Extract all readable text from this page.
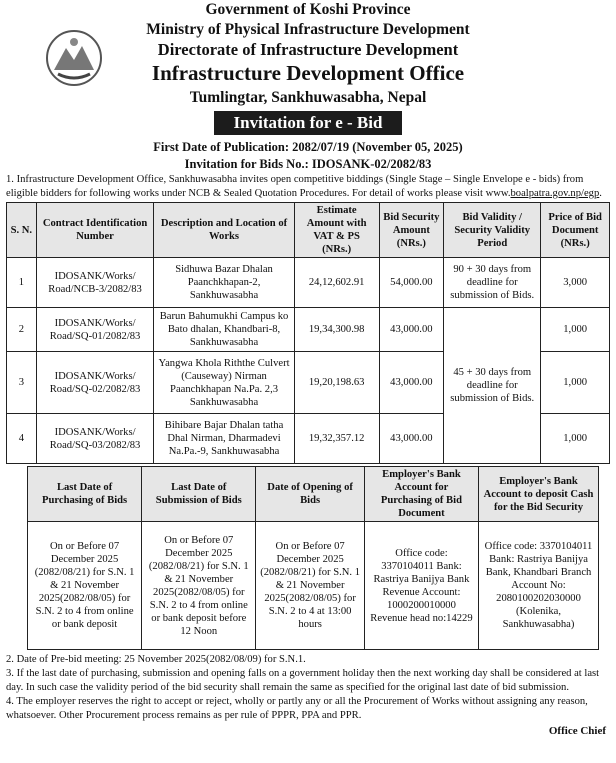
Government of Koshi Province
Ministry of Physical Infrastructure Development
Directorate of Infrastructure Development
Infrastructure Development Office
Tumlingtar, Sankhuwasabha, Nepal
Invitation for e - Bid
First Date of Publication: 2082/07/19 (November 05, 2025)
Invitation for Bids No.: IDOSANK-02/2082/83
1. Infrastructure Development Office, Sankhuwasabha invites open competitive biddings (Single Stage – Single Envelope e - bids) from eligible bidders for following works under NCB & Sealed Quotation Procedures. For detail of works please visit www.boalpatra.gov.np/egp.
S. N.	Contract Identification Number	Description and Location of Works	Estimate Amount with VAT & PS (NRs.)	Bid Security Amount (NRs.)	Bid Validity / Security Validity Period	Price of Bid Document (NRs.)
1	IDOSANK/Works/ Road/NCB-3/2082/83	Sidhuwa Bazar Dhalan Paanchkhapan-2, Sankhuwasabha	24,12,602.91	54,000.00	90 + 30 days from deadline for submission of Bids.	3,000
2	IDOSANK/Works/ Road/SQ-01/2082/83	Barun Bahumukhi Campus ko Bato dhalan, Khandbari-8, Sankhuwasabha	19,34,300.98	43,000.00	45 + 30 days from deadline for submission of Bids.	1,000
3	IDOSANK/Works/ Road/SQ-02/2082/83	Yangwa Khola Riththe Culvert (Causeway) Nirman Paanchkhapan Na.Pa. 2,3 Sankhuwasabha	19,20,198.63	43,000.00		1,000
4	IDOSANK/Works/ Road/SQ-03/2082/83	Bihibare Bajar Dhalan tatha Dhal Nirman, Dharmadevi Na.Pa.-9, Sankhuwasabha	19,32,357.12	43,000.00		1,000
Last Date of Purchasing of Bids	Last Date of Submission of Bids	Date of Opening of Bids	Employer's Bank Account for Purchasing of Bid Document	Employer's Bank Account to deposit Cash for the Bid Security
On or Before 07 December 2025 (2082/08/21) for S.N. 1 & 21 November 2025(2082/08/05) for S.N. 2 to 4 from online or bank deposit	On or Before 07 December 2025 (2082/08/21) for S.N. 1 & 21 November 2025(2082/08/05) for S.N. 2 to 4 from online or bank deposit before 12 Noon	On or Before 07 December 2025 (2082/08/21) for S.N. 1 & 21 November 2025(2082/08/05) for S.N. 2 to 4 at 13:00 hours	Office code: 3370104011 Bank: Rastriya Banijya Bank Revenue Account: 1000200010000 Revenue head no:14229	Office code: 3370104011 Bank: Rastriya Banijya Bank, Khandbari Branch Account No: 2080100202030000 (Kolenika, Sankhuwasabha)
2. Date of Pre-bid meeting: 25 November 2025(2082/08/09) for S.N.1.
3. If the last date of purchasing, submission and opening falls on a government holiday then the next working day shall be considered at last day. In such case the validity period of the bid security shall remain the same as specified for the original last date of bid submission.
4. The employer reserves the right to accept or reject, wholly or partly any or all the Procurement of Works without assigning any reason, whatsoever. Other Procurement process remains as per rule of PPPR, PPA and PPR.
Office Chief
